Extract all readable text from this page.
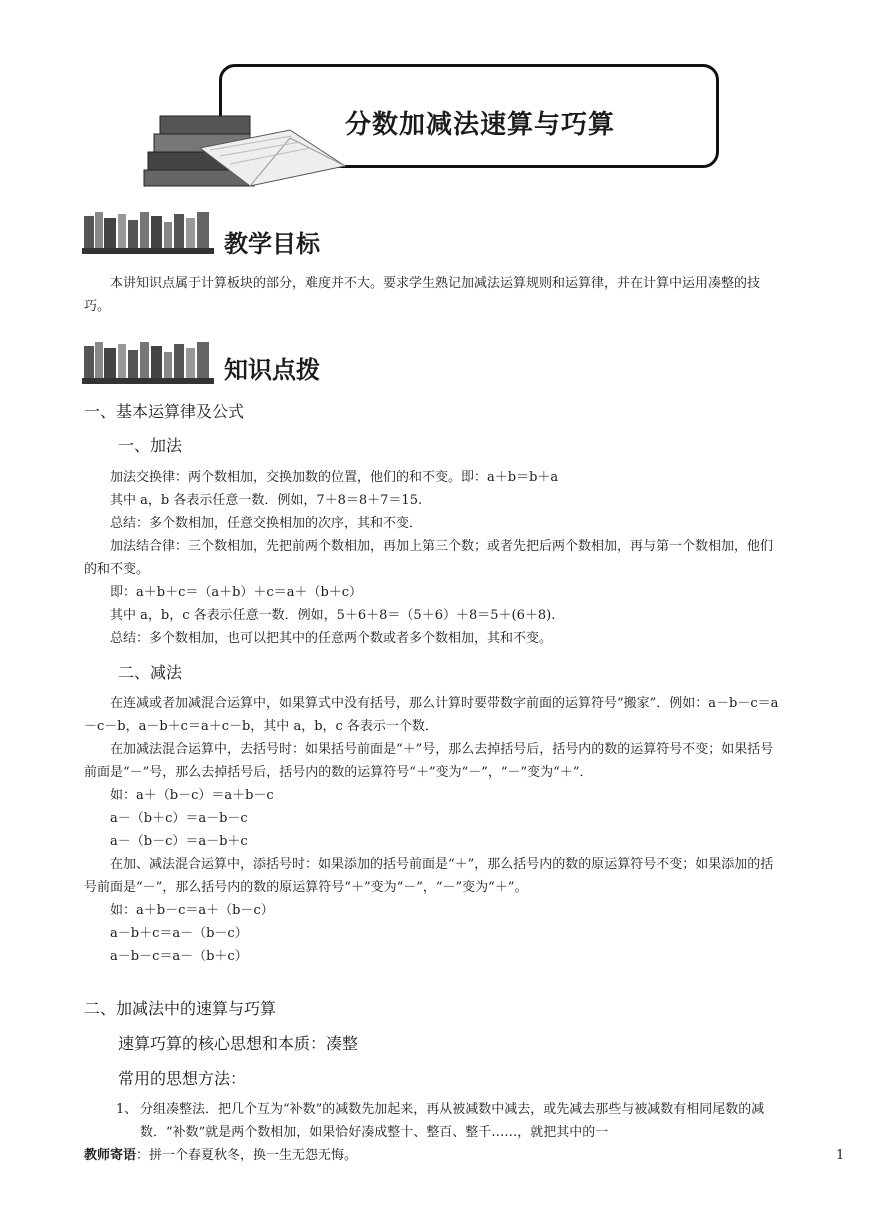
分数加减法速算与巧算
教学目标
本讲知识点属于计算板块的部分，难度并不大。要求学生熟记加减法运算规则和运算律，并在计算中运用凑整的技巧。
知识点拨
一、基本运算律及公式
一、加法
加法交换律：两个数相加，交换加数的位置，他们的和不变。即：a＋b＝b＋a
其中 a，b 各表示任意一数．例如，7＋8＝8＋7＝15.
总结：多个数相加，任意交换相加的次序，其和不变．
加法结合律：三个数相加，先把前两个数相加，再加上第三个数；或者先把后两个数相加，再与第一个数相加，他们的和不变。
即：a＋b＋c＝（a＋b）＋c＝a＋（b＋c）
其中 a，b，c 各表示任意一数．例如，5＋6＋8＝（5＋6）＋8＝5＋(6＋8).
总结：多个数相加，也可以把其中的任意两个数或者多个数相加，其和不变。
二、减法
在连减或者加减混合运算中，如果算式中没有括号，那么计算时要带数字前面的运算符号“搬家”．例如：a－b－c＝a－c－b，a－b＋c＝a＋c－b，其中 a，b，c 各表示一个数．
在加减法混合运算中，去括号时：如果括号前面是“＋”号，那么去掉括号后，括号内的数的运算符号不变；如果括号前面是“－”号，那么去掉括号后，括号内的数的运算符号“＋”变为“－”，“－”变为“＋”．
如：a＋（b－c）＝a＋b－c
a－（b＋c）＝a－b－c
a－（b－c）＝a－b＋c
在加、减法混合运算中，添括号时：如果添加的括号前面是“＋”，那么括号内的数的原运算符号不变；如果添加的括号前面是“－”，那么括号内的数的原运算符号“＋”变为“－”，“－”变为“＋”。
如：a＋b－c＝a＋（b－c）
a－b＋c＝a－（b－c）
a－b－c＝a－（b＋c）
二、加减法中的速算与巧算
速算巧算的核心思想和本质：凑整
常用的思想方法：
1、 分组凑整法．把几个互为“补数”的减数先加起来，再从被减数中减去，或先减去那些与被减数有相同尾数的减数．“补数”就是两个数相加，如果恰好凑成整十、整百、整千……，就把其中的一
教师寄语：拼一个春夏秋冬，换一生无怨无悔。	1
